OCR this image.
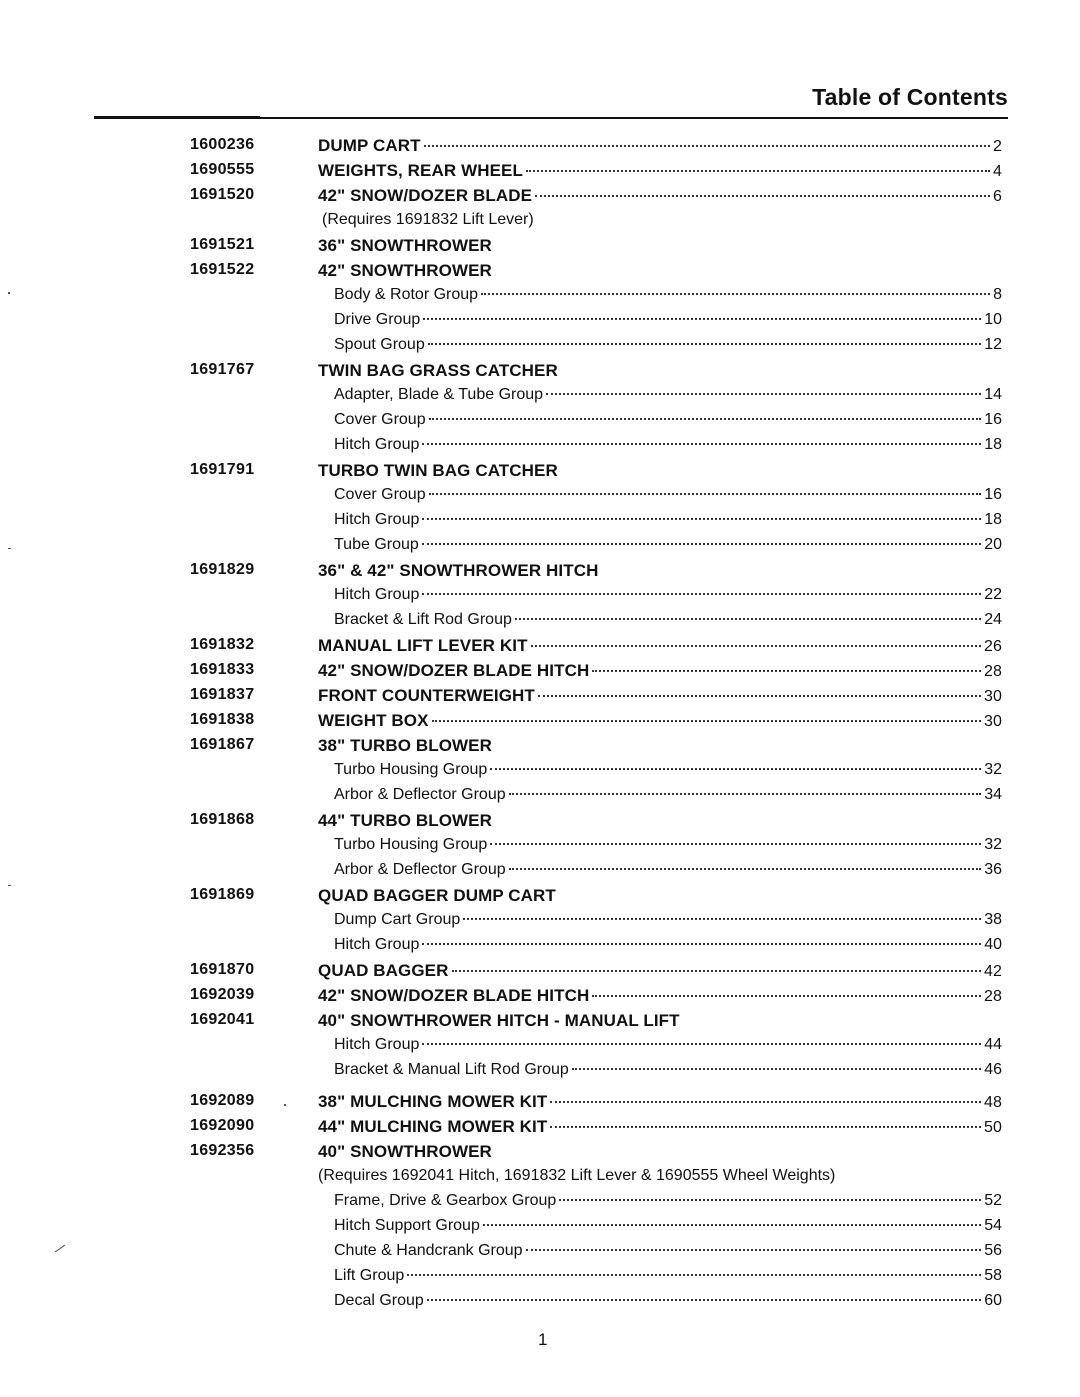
Table of Contents
1600236	DUMP CART	2
1690555	WEIGHTS, REAR WHEEL	4
1691520	42" SNOW/DOZER BLADE	6
(Requires 1691832 Lift Lever)
1691521	36" SNOWTHROWER
1691522	42" SNOWTHROWER
Body & Rotor Group	8
Drive Group	10
Spout Group	12
1691767	TWIN BAG GRASS CATCHER
Adapter, Blade & Tube Group	14
Cover Group	16
Hitch Group	18
1691791	TURBO TWIN BAG CATCHER
Cover Group	16
Hitch Group	18
Tube Group	20
1691829	36" & 42" SNOWTHROWER HITCH
Hitch Group	22
Bracket & Lift Rod Group	24
1691832	MANUAL LIFT LEVER KIT	26
1691833	42" SNOW/DOZER BLADE HITCH	28
1691837	FRONT COUNTERWEIGHT	30
1691838	WEIGHT BOX	30
1691867	38" TURBO BLOWER
Turbo Housing Group	32
Arbor & Deflector Group	34
1691868	44" TURBO BLOWER
Turbo Housing Group	32
Arbor & Deflector Group	36
1691869	QUAD BAGGER DUMP CART
Dump Cart Group	38
Hitch Group	40
1691870	QUAD BAGGER	42
1692039	42" SNOW/DOZER BLADE HITCH	28
1692041	40" SNOWTHROWER HITCH - MANUAL LIFT
Hitch Group	44
Bracket & Manual Lift Rod Group	46
1692089	38" MULCHING MOWER KIT	48
1692090	44" MULCHING MOWER KIT	50
1692356	40" SNOWTHROWER
(Requires 1692041 Hitch, 1691832 Lift Lever & 1690555 Wheel Weights)
Frame, Drive & Gearbox Group	52
Hitch Support Group	54
Chute & Handcrank Group	56
Lift Group	58
Decal Group	60
1
